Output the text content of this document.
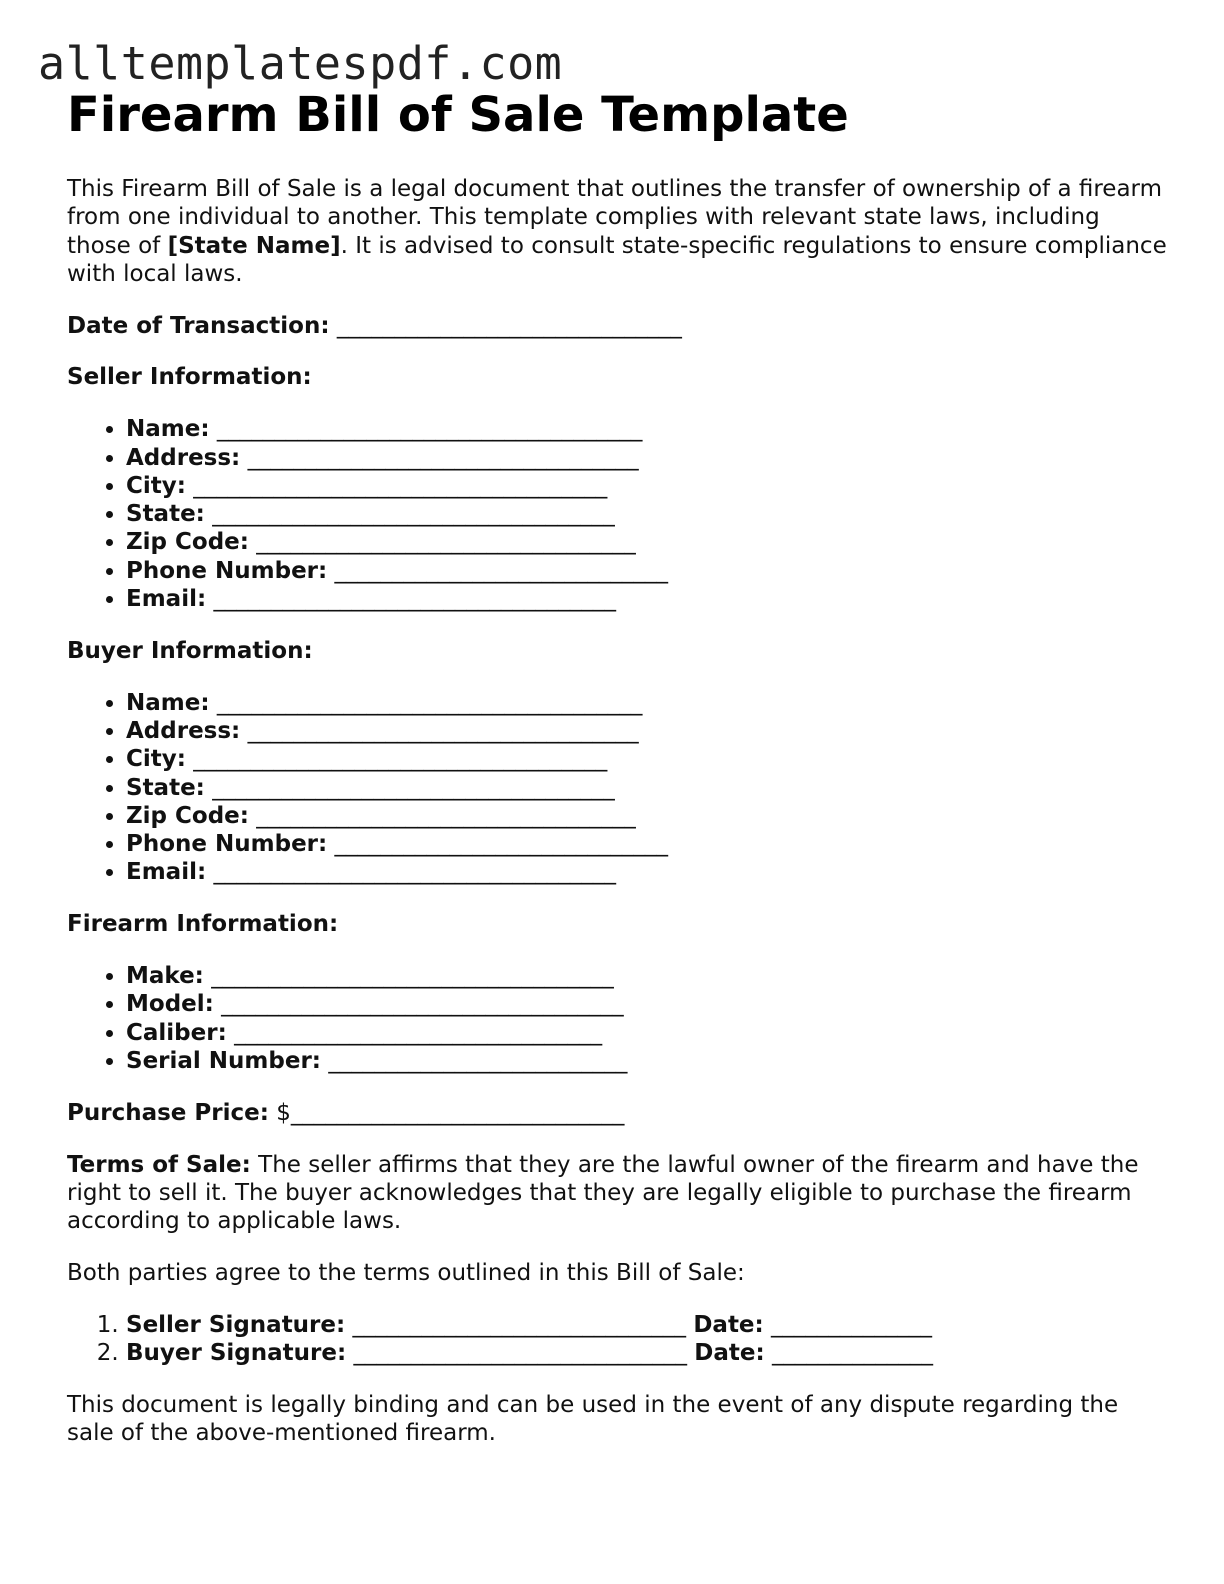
alltemplatespdf.com
Firearm Bill of Sale Template

This Firearm Bill of Sale is a legal document that outlines the transfer of ownership of a firearm from one individual to another. This template complies with relevant state laws, including those of [State Name]. It is advised to consult state-specific regulations to ensure compliance with local laws.

Date of Transaction: ______________________________

Seller Information:

• Name: _____________________________________
• Address: __________________________________
• City: ____________________________________
• State: ___________________________________
• Zip Code: _________________________________
• Phone Number: _____________________________
• Email: ___________________________________

Buyer Information:

• Name: _____________________________________
• Address: __________________________________
• City: ____________________________________
• State: ___________________________________
• Zip Code: _________________________________
• Phone Number: _____________________________
• Email: ___________________________________

Firearm Information:

• Make: ___________________________________
• Model: ___________________________________
• Caliber: ________________________________
• Serial Number: __________________________

Purchase Price: $_____________________________

Terms of Sale: The seller affirms that they are the lawful owner of the firearm and have the right to sell it. The buyer acknowledges that they are legally eligible to purchase the firearm according to applicable laws.

Both parties agree to the terms outlined in this Bill of Sale:

1. Seller Signature: _____________________________ Date: ______________
2. Buyer Signature: _____________________________ Date: ______________

This document is legally binding and can be used in the event of any dispute regarding the sale of the above-mentioned firearm.
